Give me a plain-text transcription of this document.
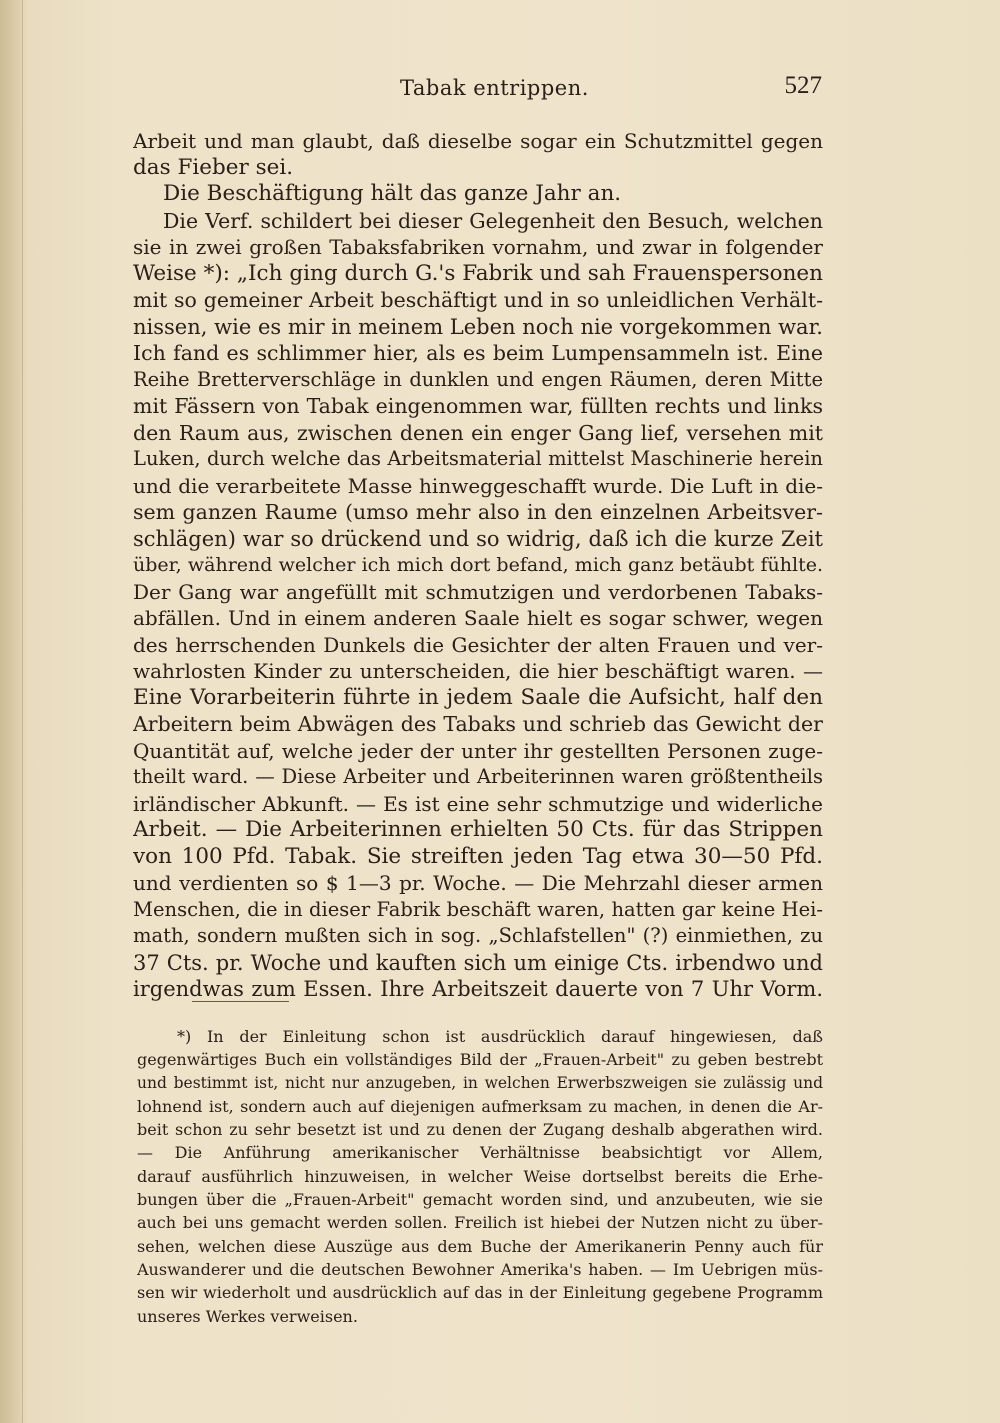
Tabak entrippen.	527
Arbeit und man glaubt, daß dieselbe sogar ein Schutzmittel gegen
das Fieber sei.
Die Beschäftigung hält das ganze Jahr an.
Die Verf. schildert bei dieser Gelegenheit den Besuch, welchen
sie in zwei großen Tabaksfabriken vornahm, und zwar in folgender
Weise *): „Ich ging durch G.'s Fabrik und sah Frauenspersonen
mit so gemeiner Arbeit beschäftigt und in so unleidlichen Verhält-
nissen, wie es mir in meinem Leben noch nie vorgekommen war.
Ich fand es schlimmer hier, als es beim Lumpensammeln ist. Eine
Reihe Bretterverschläge in dunklen und engen Räumen, deren Mitte
mit Fässern von Tabak eingenommen war, füllten rechts und links
den Raum aus, zwischen denen ein enger Gang lief, versehen mit
Luken, durch welche das Arbeitsmaterial mittelst Maschinerie herein
und die verarbeitete Masse hinweggeschafft wurde. Die Luft in die-
sem ganzen Raume (umso mehr also in den einzelnen Arbeitsver-
schlägen) war so drückend und so widrig, daß ich die kurze Zeit
über, während welcher ich mich dort befand, mich ganz betäubt fühlte.
Der Gang war angefüllt mit schmutzigen und verdorbenen Tabaks-
abfällen. Und in einem anderen Saale hielt es sogar schwer, wegen
des herrschenden Dunkels die Gesichter der alten Frauen und ver-
wahrlosten Kinder zu unterscheiden, die hier beschäftigt waren. —
Eine Vorarbeiterin führte in jedem Saale die Aufsicht, half den
Arbeitern beim Abwägen des Tabaks und schrieb das Gewicht der
Quantität auf, welche jeder der unter ihr gestellten Personen zuge-
theilt ward. — Diese Arbeiter und Arbeiterinnen waren größtentheils
irländischer Abkunft. — Es ist eine sehr schmutzige und widerliche
Arbeit. — Die Arbeiterinnen erhielten 50 Cts. für das Strippen
von 100 Pfd. Tabak. Sie streiften jeden Tag etwa 30—50 Pfd.
und verdienten so $ 1—3 pr. Woche. — Die Mehrzahl dieser armen
Menschen, die in dieser Fabrik beschäft waren, hatten gar keine Hei-
math, sondern mußten sich in sog. „Schlafstellen" (?) einmiethen, zu
37 Cts. pr. Woche und kauften sich um einige Cts. irbendwo und
irgendwas zum Essen. Ihre Arbeitszeit dauerte von 7 Uhr Vorm.
*) In der Einleitung schon ist ausdrücklich darauf hingewiesen, daß
gegenwärtiges Buch ein vollständiges Bild der „Frauen-Arbeit" zu geben bestrebt
und bestimmt ist, nicht nur anzugeben, in welchen Erwerbszweigen sie zulässig und
lohnend ist, sondern auch auf diejenigen aufmerksam zu machen, in denen die Ar-
beit schon zu sehr besetzt ist und zu denen der Zugang deshalb abgerathen wird.
— Die Anführung amerikanischer Verhältnisse beabsichtigt vor Allem,
darauf ausführlich hinzuweisen, in welcher Weise dortselbst bereits die Erhe-
bungen über die „Frauen-Arbeit" gemacht worden sind, und anzubeuten, wie sie
auch bei uns gemacht werden sollen. Freilich ist hiebei der Nutzen nicht zu über-
sehen, welchen diese Auszüge aus dem Buche der Amerikanerin Penny auch für
Auswanderer und die deutschen Bewohner Amerika's haben. — Im Uebrigen müs-
sen wir wiederholt und ausdrücklich auf das in der Einleitung gegebene Programm
unseres Werkes verweisen.
